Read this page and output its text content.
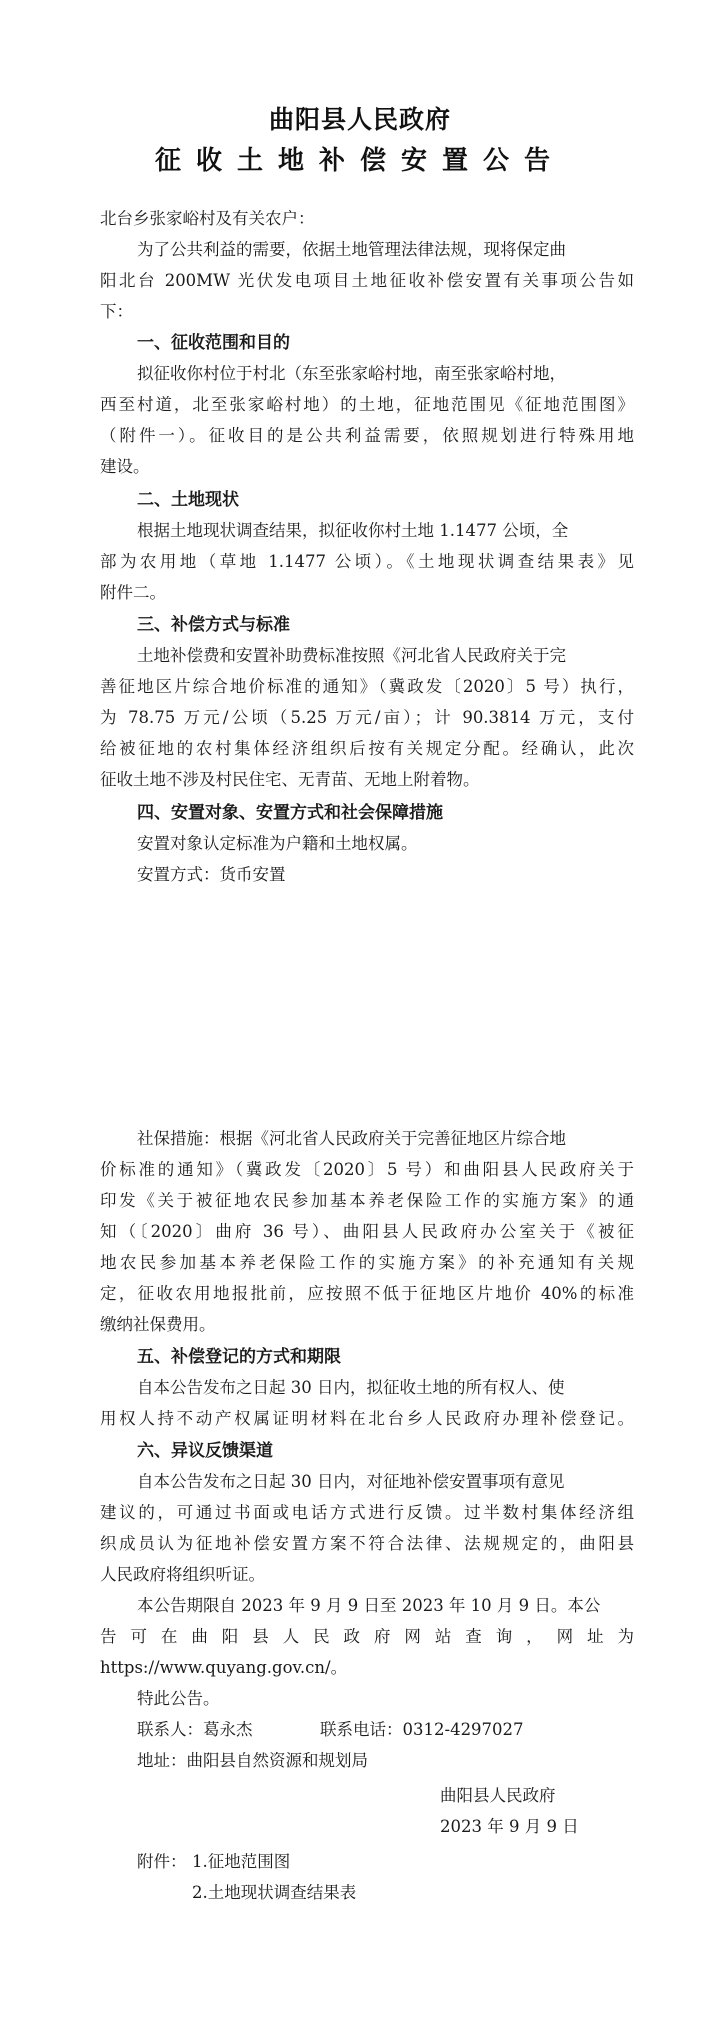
曲阳县人民政府
征收土地补偿安置公告
北台乡张家峪村及有关农户：
为了公共利益的需要，依据土地管理法律法规，现将保定曲
阳北台 200MW 光伏发电项目土地征收补偿安置有关事项公告如
下：
一、征收范围和目的
拟征收你村位于村北（东至张家峪村地，南至张家峪村地，
西至村道，北至张家峪村地）的土地，征地范围见《征地范围图》
（附件一）。征收目的是公共利益需要，依照规划进行特殊用地
建设。
二、土地现状
根据土地现状调查结果，拟征收你村土地 1.1477 公顷，全
部为农用地（草地 1.1477 公顷）。《土地现状调查结果表》见
附件二。
三、补偿方式与标准
土地补偿费和安置补助费标准按照《河北省人民政府关于完
善征地区片综合地价标准的通知》（冀政发〔2020〕5 号）执行，
为 78.75 万元/公顷（5.25 万元/亩）；计 90.3814 万元，支付
给被征地的农村集体经济组织后按有关规定分配。经确认，此次
征收土地不涉及村民住宅、无青苗、无地上附着物。
四、安置对象、安置方式和社会保障措施
安置对象认定标准为户籍和土地权属。
安置方式：货币安置
社保措施：根据《河北省人民政府关于完善征地区片综合地
价标准的通知》（冀政发〔2020〕5 号）和曲阳县人民政府关于
印发《关于被征地农民参加基本养老保险工作的实施方案》的通
知（〔2020〕曲府 36 号）、曲阳县人民政府办公室关于《被征
地农民参加基本养老保险工作的实施方案》的补充通知有关规
定，征收农用地报批前，应按照不低于征地区片地价 40%的标准
缴纳社保费用。
五、补偿登记的方式和期限
自本公告发布之日起 30 日内，拟征收土地的所有权人、使
用权人持不动产权属证明材料在北台乡人民政府办理补偿登记。
六、异议反馈渠道
自本公告发布之日起 30 日内，对征地补偿安置事项有意见
建议的，可通过书面或电话方式进行反馈。过半数村集体经济组
织成员认为征地补偿安置方案不符合法律、法规规定的，曲阳县
人民政府将组织听证。
本公告期限自 2023 年 9 月 9 日至 2023 年 10 月 9 日。本公
告可在曲阳县人民政府网站查询，网址为
https://www.quyang.gov.cn/。
特此公告。
联系人：葛永杰	联系电话：0312-4297027
地址：曲阳县自然资源和规划局
曲阳县人民政府
2023 年 9 月 9 日
附件： 1.征地范围图
2.土地现状调查结果表
